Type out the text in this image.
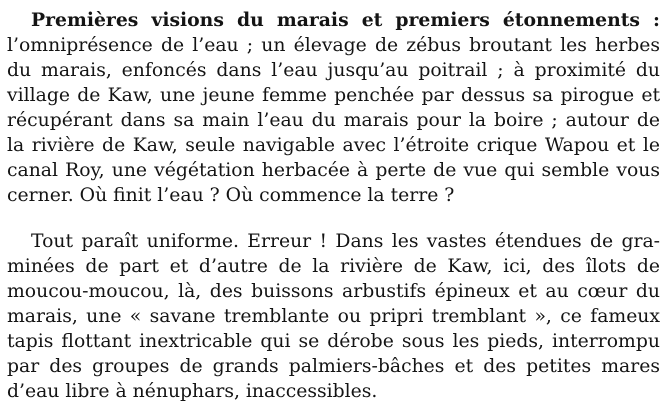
Premières visions du marais et premiers étonnements :
l’omniprésence de l’eau ; un élevage de zébus broutant les herbes
du marais, enfoncés dans l’eau jusqu’au poitrail ; à proximité du
village de Kaw, une jeune femme penchée par dessus sa pirogue et
récupérant dans sa main l’eau du marais pour la boire ; autour de
la rivière de Kaw, seule navigable avec l’étroite crique Wapou et le
canal Roy, une végétation herbacée à perte de vue qui semble vous
cerner. Où finit l’eau ? Où commence la terre ?
Tout paraît uniforme. Erreur ! Dans les vastes étendues de gra-
minées de part et d’autre de la rivière de Kaw, ici, des îlots de
moucou-moucou, là, des buissons arbustifs épineux et au cœur du
marais, une « savane tremblante ou pripri tremblant », ce fameux
tapis flottant inextricable qui se dérobe sous les pieds, interrompu
par des groupes de grands palmiers-bâches et des petites mares
d’eau libre à nénuphars, inaccessibles.
